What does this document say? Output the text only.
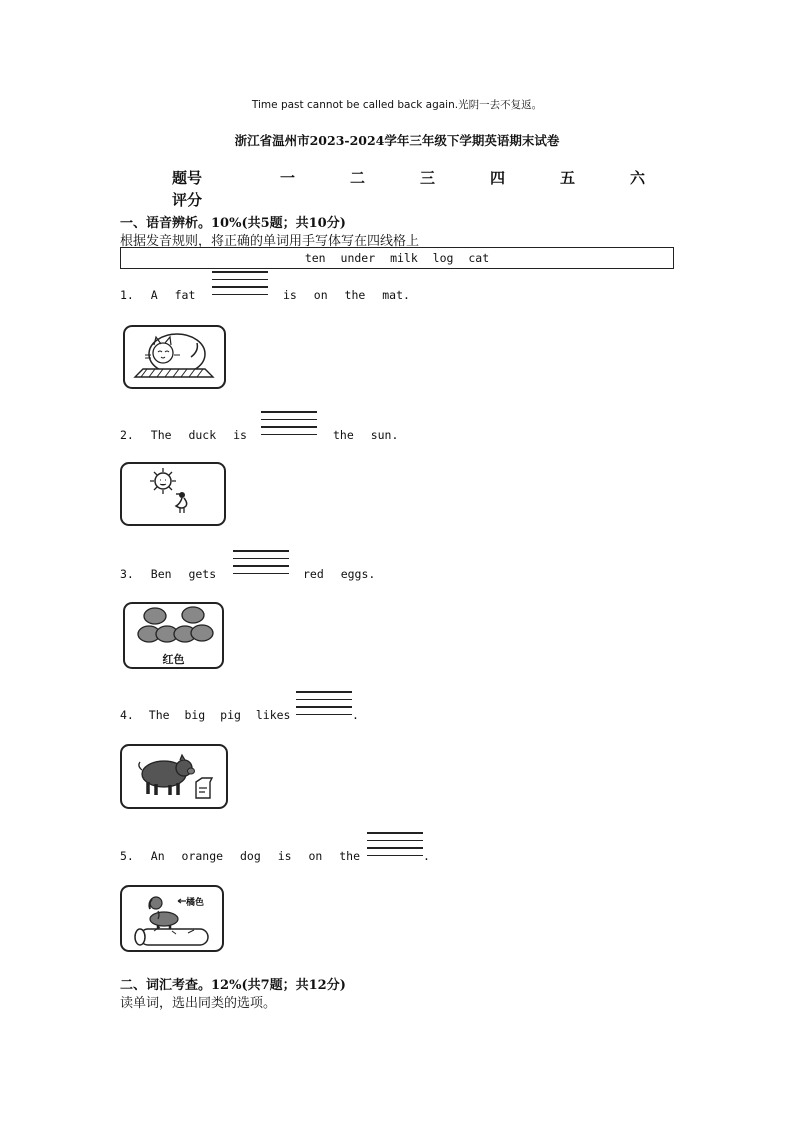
Time past cannot be called back again.光阴一去不复返。
浙江省温州市2023-2024学年三年级下学期英语期末试卷
题号	一	二	三	四	五	六
评分
一、语音辨析。10%(共5题；共10分)
根据发音规则，将正确的单词用手写体写在四线格上
ten under milk log cat
1. A fat	is on the mat.
2. The duck is	the sun.
3. Ben gets	red eggs.
红色
4. The big pig likes	.
5. An orange dog is on the	.
橘色
二、词汇考查。12%(共7题；共12分)
读单词，选出同类的选项。
